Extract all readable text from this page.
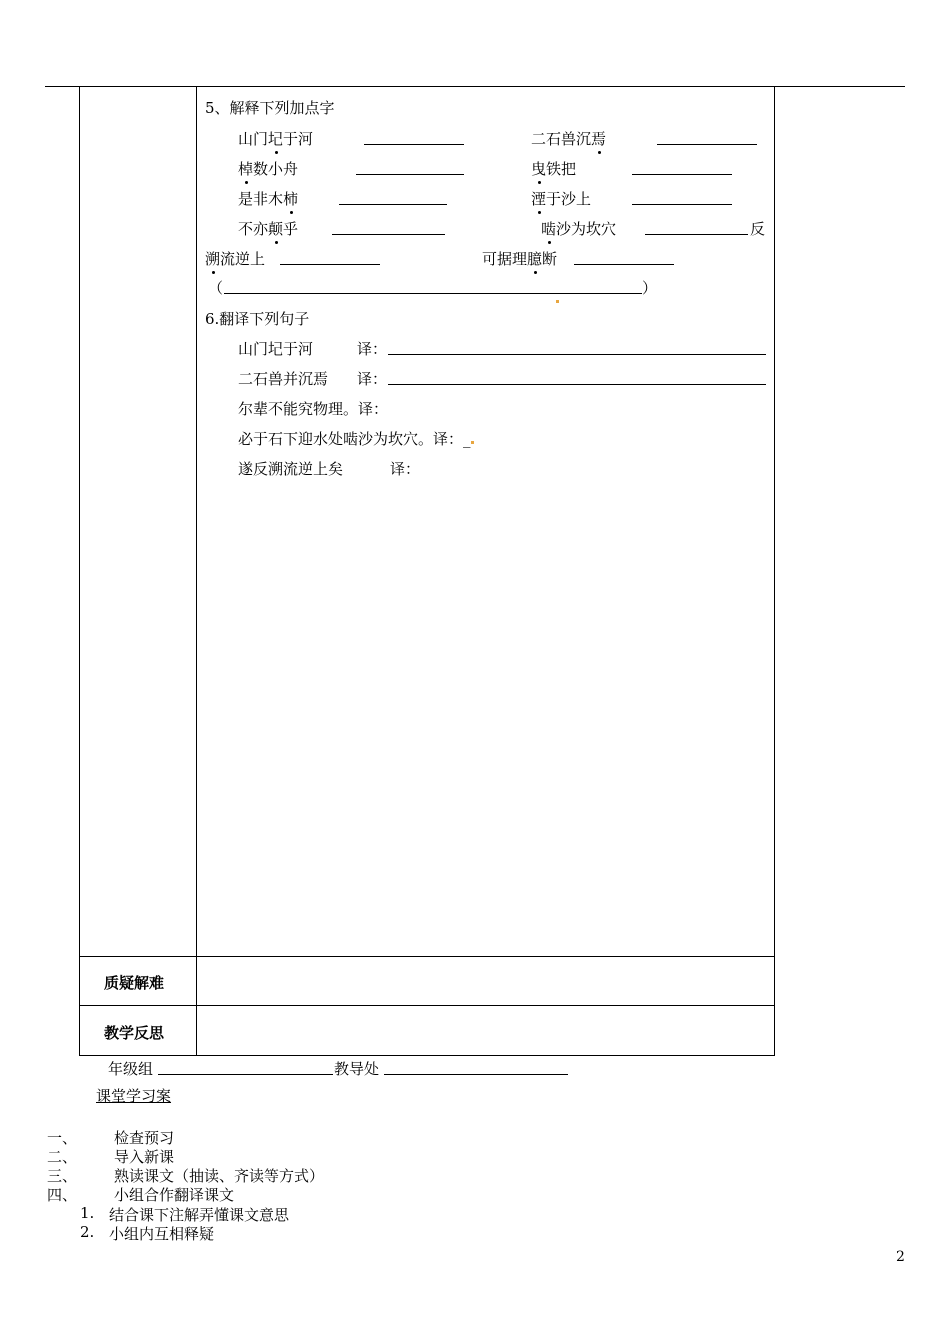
5、解释下列加点字
山门圮于河	二石兽沉焉
棹数小舟	曳铁把
是非木柿	湮于沙上
不亦颠乎	啮沙为坎穴	反
溯流逆上	可据理臆断
（	）
6.翻译下列句子
山门圮于河	译：
二石兽并沉焉 译：
尔辈不能究物理。译：
必于石下迎水处啮沙为坎穴。译：_
遂反溯流逆上矣	译：
质疑解难
教学反思
年级组	教导处
课堂学习案
一、 检查预习
二、 导入新课
三、 熟读课文（抽读、齐读等方式）
四、 小组合作翻译课文
1. 结合课下注解弄懂课文意思
2. 小组内互相释疑
2
